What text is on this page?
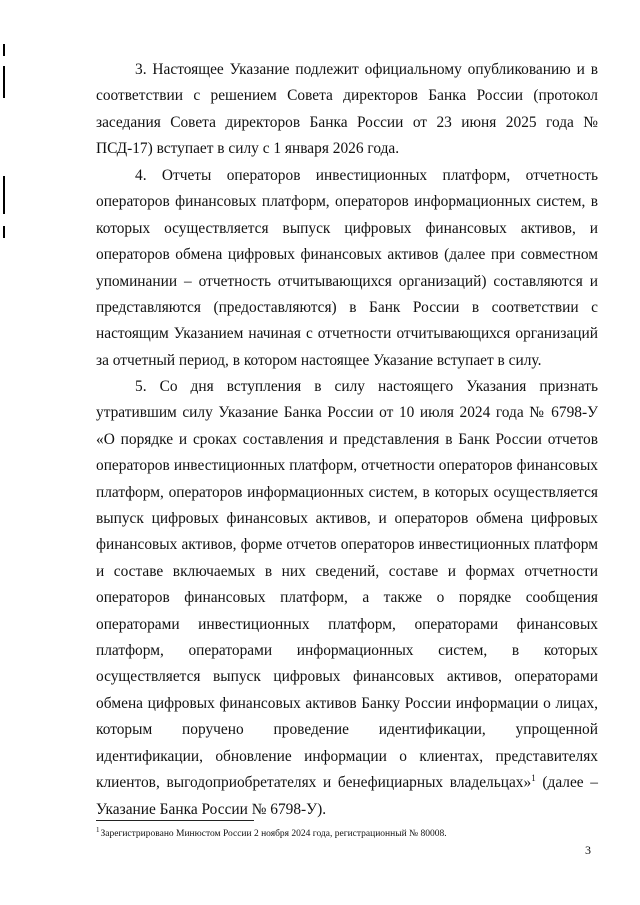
3. Настоящее Указание подлежит официальному опубликованию и в соответствии с решением Совета директоров Банка России (протокол заседания Совета директоров Банка России от 23 июня 2025 года № ПСД-17) вступает в силу с 1 января 2026 года.

4. Отчеты операторов инвестиционных платформ, отчетность операторов финансовых платформ, операторов информационных систем, в которых осуществляется выпуск цифровых финансовых активов, и операторов обмена цифровых финансовых активов (далее при совместном упоминании – отчетность отчитывающихся организаций) составляются и представляются (предоставляются) в Банк России в соответствии с настоящим Указанием начиная с отчетности отчитывающихся организаций за отчетный период, в котором настоящее Указание вступает в силу.

5. Со дня вступления в силу настоящего Указания признать утратившим силу Указание Банка России от 10 июля 2024 года № 6798-У «О порядке и сроках составления и представления в Банк России отчетов операторов инвестиционных платформ, отчетности операторов финансовых платформ, операторов информационных систем, в которых осуществляется выпуск цифровых финансовых активов, и операторов обмена цифровых финансовых активов, форме отчетов операторов инвестиционных платформ и составе включаемых в них сведений, составе и формах отчетности операторов финансовых платформ, а также о порядке сообщения операторами инвестиционных платформ, операторами финансовых платформ, операторами информационных систем, в которых осуществляется выпуск цифровых финансовых активов, операторами обмена цифровых финансовых активов Банку России информации о лицах, которым поручено проведение идентификации, упрощенной идентификации, обновление информации о клиентах, представителях клиентов, выгодоприобретателях и бенефициарных владельцах»$^1$ (далее – Указание Банка России № 6798-У).

$^1$Зарегистрировано Минюстом России 2 ноября 2024 года, регистрационный № 80008.

3
